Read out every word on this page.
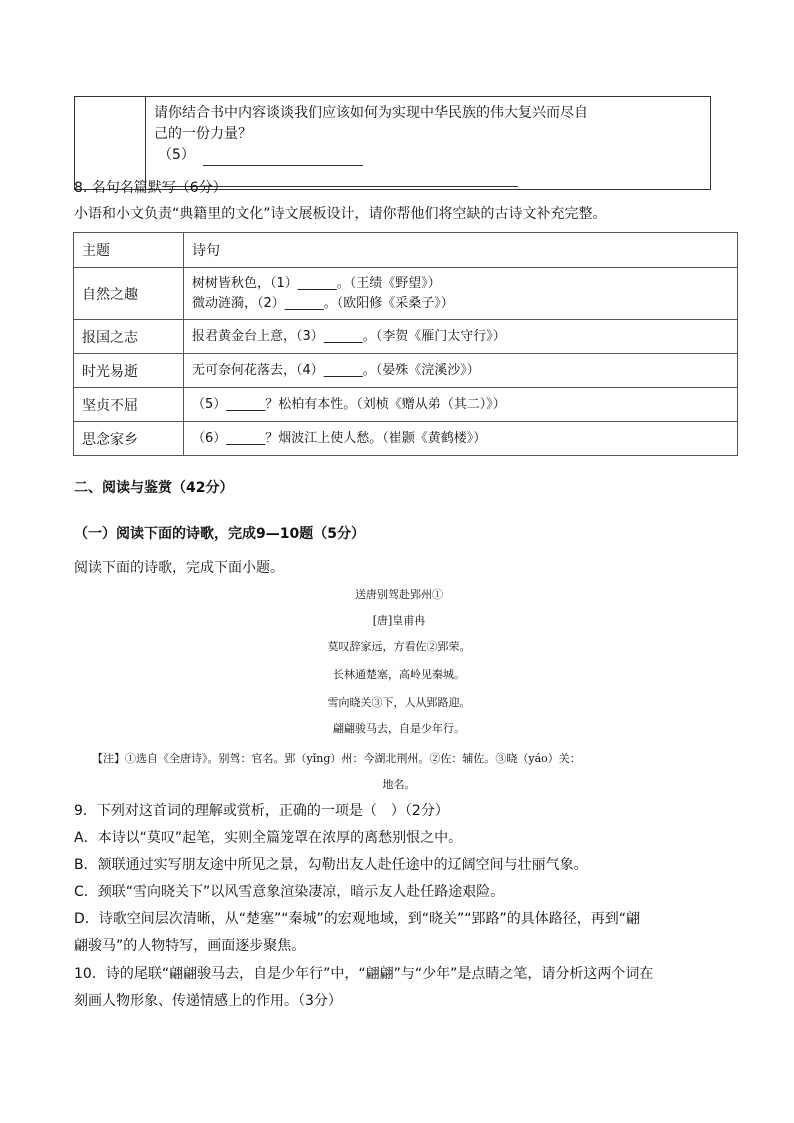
请你结合书中内容谈谈我们应该如何为实现中华民族的伟大复兴而尽自
己的一份力量？
（5）
8. 名句名篇默写（6分）
小语和小文负责“典籍里的文化”诗文展板设计，请你帮他们将空缺的古诗文补充完整。
主题	诗句
自然之趣	树树皆秋色，（1）______。（王绩《野望》）
微动涟漪，（2）______。（欧阳修《采桑子》）

报国之志	报君黄金台上意，（3）______。（李贺《雁门太守行》）

时光易逝	无可奈何花落去，（4）______。（晏殊《浣溪沙》）

坚贞不屈	（5）______？松柏有本性。（刘桢《赠从弟（其二）》）

思念家乡	（6）______？烟波江上使人愁。（崔颢《黄鹤楼》）
二、阅读与鉴赏（42分）
（一）阅读下面的诗歌，完成9—10题（5分）
阅读下面的诗歌，完成下面小题。
送唐别驾赴郢州①
[唐]皇甫冉
莫叹辞家远，方看佐②郢荣。
长林通楚塞，高岭见秦城。
雪向晓关③下，人从郢路迎。
翩翩骏马去，自是少年行。
【注】①选自《全唐诗》。别驾：官名。郢（yǐng）州：今湖北荆州。②佐：辅佐。③晓（yáo）关：
地名。
9．下列对这首词的理解或赏析，正确的一项是（　）（2分）
A．本诗以“莫叹”起笔，实则全篇笼罩在浓厚的离愁别恨之中。
B．颔联通过实写朋友途中所见之景，勾勒出友人赴任途中的辽阔空间与壮丽气象。
C．颈联“雪向晓关下”以风雪意象渲染凄凉，暗示友人赴任路途艰险。
D．诗歌空间层次清晰，从“楚塞”“秦城”的宏观地域，到“晓关”“郢路”的具体路径，再到“翩
翩骏马”的人物特写，画面逐步聚焦。
10．诗的尾联“翩翩骏马去，自是少年行”中，“翩翩”与“少年”是点睛之笔，请分析这两个词在
刻画人物形象、传递情感上的作用。（3分）
